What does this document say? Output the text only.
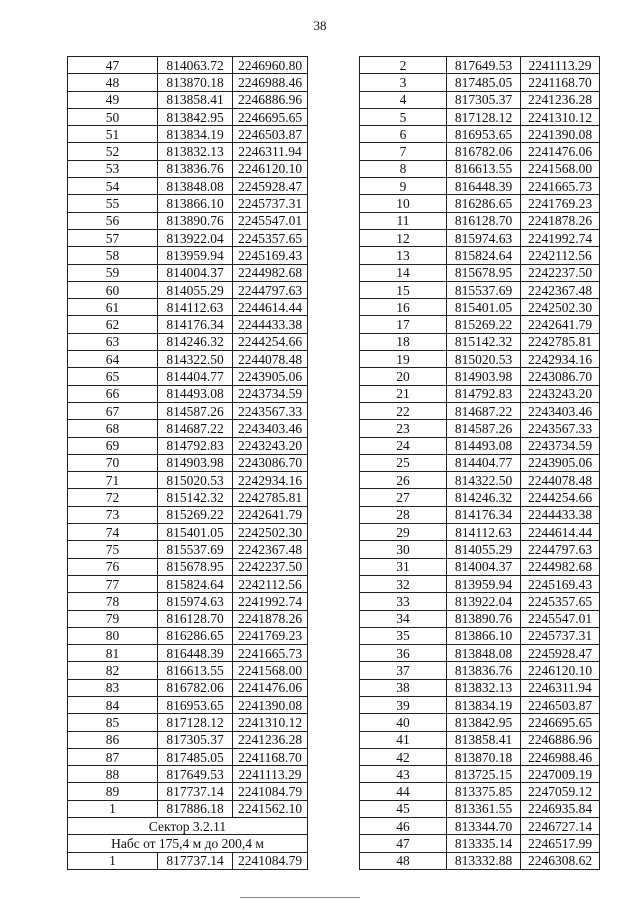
38
47	814063.72	2246960.80
48	813870.18	2246988.46
49	813858.41	2246886.96
50	813842.95	2246695.65
51	813834.19	2246503.87
52	813832.13	2246311.94
53	813836.76	2246120.10
54	813848.08	2245928.47
55	813866.10	2245737.31
56	813890.76	2245547.01
57	813922.04	2245357.65
58	813959.94	2245169.43
59	814004.37	2244982.68
60	814055.29	2244797.63
61	814112.63	2244614.44
62	814176.34	2244433.38
63	814246.32	2244254.66
64	814322.50	2244078.48
65	814404.77	2243905.06
66	814493.08	2243734.59
67	814587.26	2243567.33
68	814687.22	2243403.46
69	814792.83	2243243.20
70	814903.98	2243086.70
71	815020.53	2242934.16
72	815142.32	2242785.81
73	815269.22	2242641.79
74	815401.05	2242502.30
75	815537.69	2242367.48
76	815678.95	2242237.50
77	815824.64	2242112.56
78	815974.63	2241992.74
79	816128.70	2241878.26
80	816286.65	2241769.23
81	816448.39	2241665.73
82	816613.55	2241568.00
83	816782.06	2241476.06
84	816953.65	2241390.08
85	817128.12	2241310.12
86	817305.37	2241236.28
87	817485.05	2241168.70
88	817649.53	2241113.29
89	817737.14	2241084.79
1	817886.18	2241562.10
Сектор 3.2.11		
Набс от 175,4 м до 200,4 м		
1	817737.14	2241084.79
2	817649.53	2241113.29
3	817485.05	2241168.70
4	817305.37	2241236.28
5	817128.12	2241310.12
6	816953.65	2241390.08
7	816782.06	2241476.06
8	816613.55	2241568.00
9	816448.39	2241665.73
10	816286.65	2241769.23
11	816128.70	2241878.26
12	815974.63	2241992.74
13	815824.64	2242112.56
14	815678.95	2242237.50
15	815537.69	2242367.48
16	815401.05	2242502.30
17	815269.22	2242641.79
18	815142.32	2242785.81
19	815020.53	2242934.16
20	814903.98	2243086.70
21	814792.83	2243243.20
22	814687.22	2243403.46
23	814587.26	2243567.33
24	814493.08	2243734.59
25	814404.77	2243905.06
26	814322.50	2244078.48
27	814246.32	2244254.66
28	814176.34	2244433.38
29	814112.63	2244614.44
30	814055.29	2244797.63
31	814004.37	2244982.68
32	813959.94	2245169.43
33	813922.04	2245357.65
34	813890.76	2245547.01
35	813866.10	2245737.31
36	813848.08	2245928.47
37	813836.76	2246120.10
38	813832.13	2246311.94
39	813834.19	2246503.87
40	813842.95	2246695.65
41	813858.41	2246886.96
42	813870.18	2246988.46
43	813725.15	2247009.19
44	813375.85	2247059.12
45	813361.55	2246935.84
46	813344.70	2246727.14
47	813335.14	2246517.99
48	813332.88	2246308.62
